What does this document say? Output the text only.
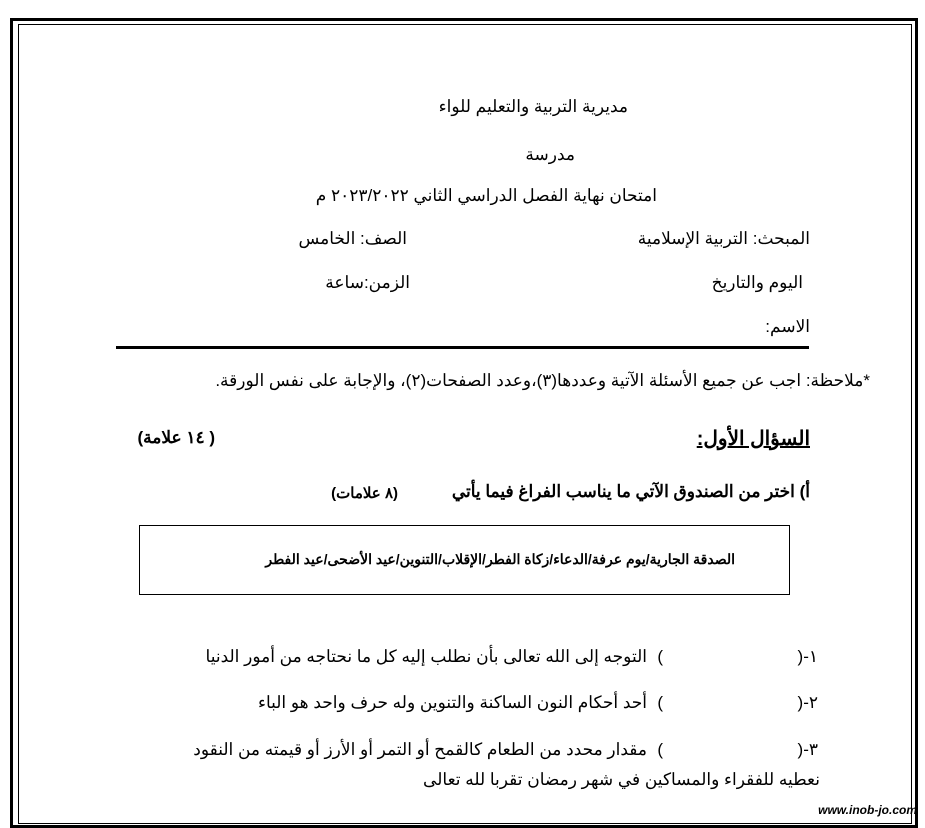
مديرية التربية والتعليم للواء
مدرسة
امتحان نهاية الفصل الدراسي الثاني ٢٠٢٣/٢٠٢٢ م
المبحث: التربية الإسلامية
الصف: الخامس
اليوم والتاريخ
الزمن:ساعة
الاسم:
*ملاحظة: اجب عن جميع الأسئلة الآتية وعددها(٣)،وعدد الصفحات(٢)، والإجابة على نفس الورقة.
السؤال الأول:
( ١٤ علامة)
أ) اختر من الصندوق الآتي ما يناسب الفراغ فيما يأتي
(٨ علامات)
الصدقة الجارية/يوم عرفة/الدعاء/زكاة الفطر/الإقلاب/التنوين/عيد الأضحى/عيد الفطر
١-(
)
التوجه إلى الله تعالى بأن نطلب إليه كل ما نحتاجه من أمور الدنيا
٢-(
)
أحد أحكام النون الساكنة والتنوين وله حرف واحد هو الباء
٣-(
)
مقدار محدد من الطعام كالقمح أو التمر أو الأرز أو قيمته من النقود
نعطيه للفقراء والمساكين في شهر رمضان تقربا لله تعالى
www.inob-jo.com
